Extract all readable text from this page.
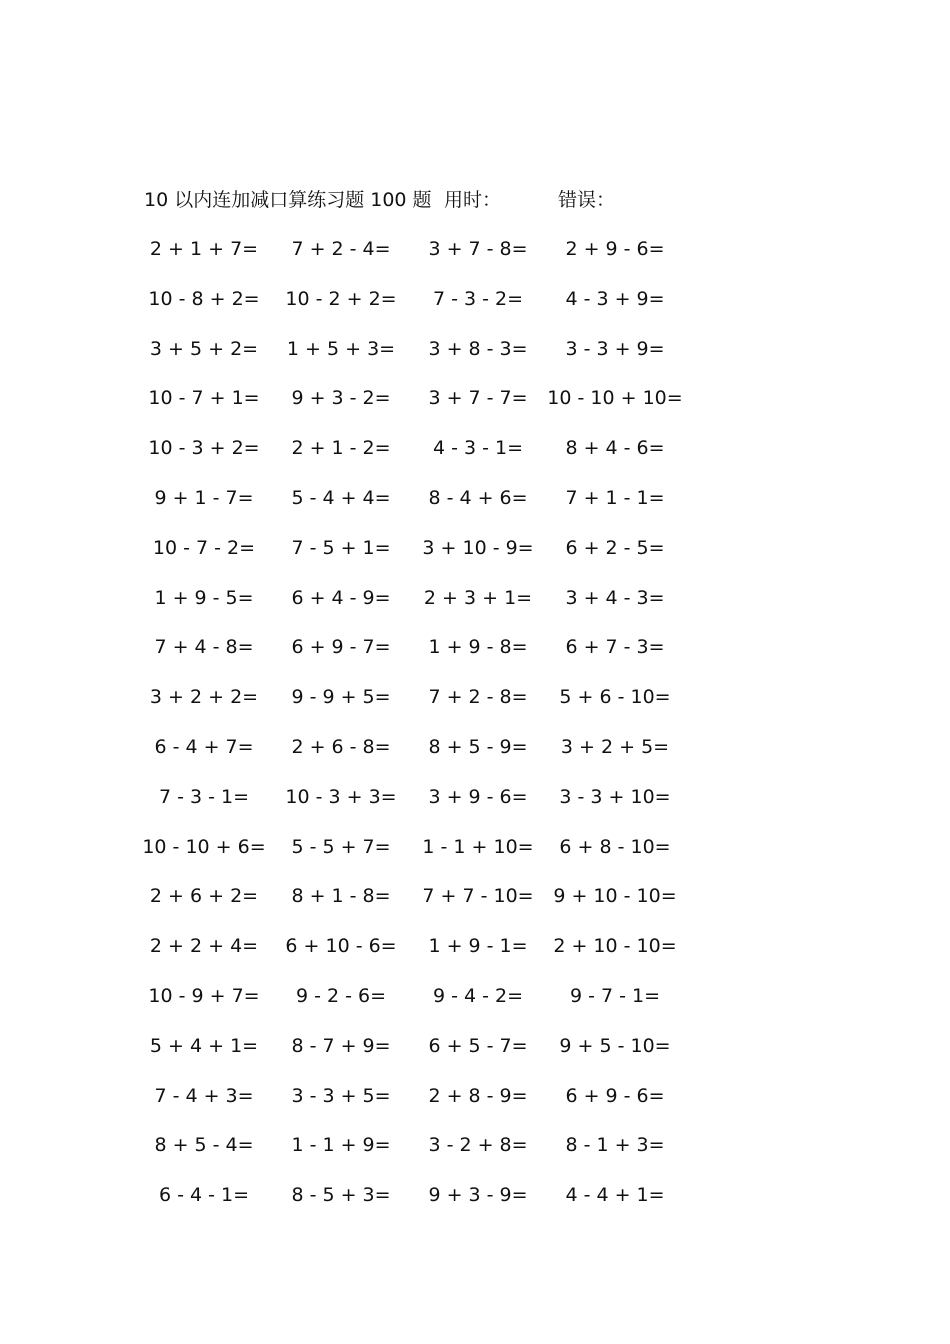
10 以内连加减口算练习题 100 题 用时：	错误：
2 + 1 + 7=	7 + 2 - 4=	3 + 7 - 8=	2 + 9 - 6=
10 - 8 + 2=	10 - 2 + 2=	7 - 3 - 2=	4 - 3 + 9=
3 + 5 + 2=	1 + 5 + 3=	3 + 8 - 3=	3 - 3 + 9=
10 - 7 + 1=	9 + 3 - 2=	3 + 7 - 7=	10 - 10 + 10=
10 - 3 + 2=	2 + 1 - 2=	4 - 3 - 1=	8 + 4 - 6=
9 + 1 - 7=	5 - 4 + 4=	8 - 4 + 6=	7 + 1 - 1=
10 - 7 - 2=	7 - 5 + 1=	3 + 10 - 9=	6 + 2 - 5=
1 + 9 - 5=	6 + 4 - 9=	2 + 3 + 1=	3 + 4 - 3=
7 + 4 - 8=	6 + 9 - 7=	1 + 9 - 8=	6 + 7 - 3=
3 + 2 + 2=	9 - 9 + 5=	7 + 2 - 8=	5 + 6 - 10=
6 - 4 + 7=	2 + 6 - 8=	8 + 5 - 9=	3 + 2 + 5=
7 - 3 - 1=	10 - 3 + 3=	3 + 9 - 6=	3 - 3 + 10=
10 - 10 + 6=	5 - 5 + 7=	1 - 1 + 10=	6 + 8 - 10=
2 + 6 + 2=	8 + 1 - 8=	7 + 7 - 10=	9 + 10 - 10=
2 + 2 + 4=	6 + 10 - 6=	1 + 9 - 1=	2 + 10 - 10=
10 - 9 + 7=	9 - 2 - 6=	9 - 4 - 2=	9 - 7 - 1=
5 + 4 + 1=	8 - 7 + 9=	6 + 5 - 7=	9 + 5 - 10=
7 - 4 + 3=	3 - 3 + 5=	2 + 8 - 9=	6 + 9 - 6=
8 + 5 - 4=	1 - 1 + 9=	3 - 2 + 8=	8 - 1 + 3=
6 - 4 - 1=	8 - 5 + 3=	9 + 3 - 9=	4 - 4 + 1=
